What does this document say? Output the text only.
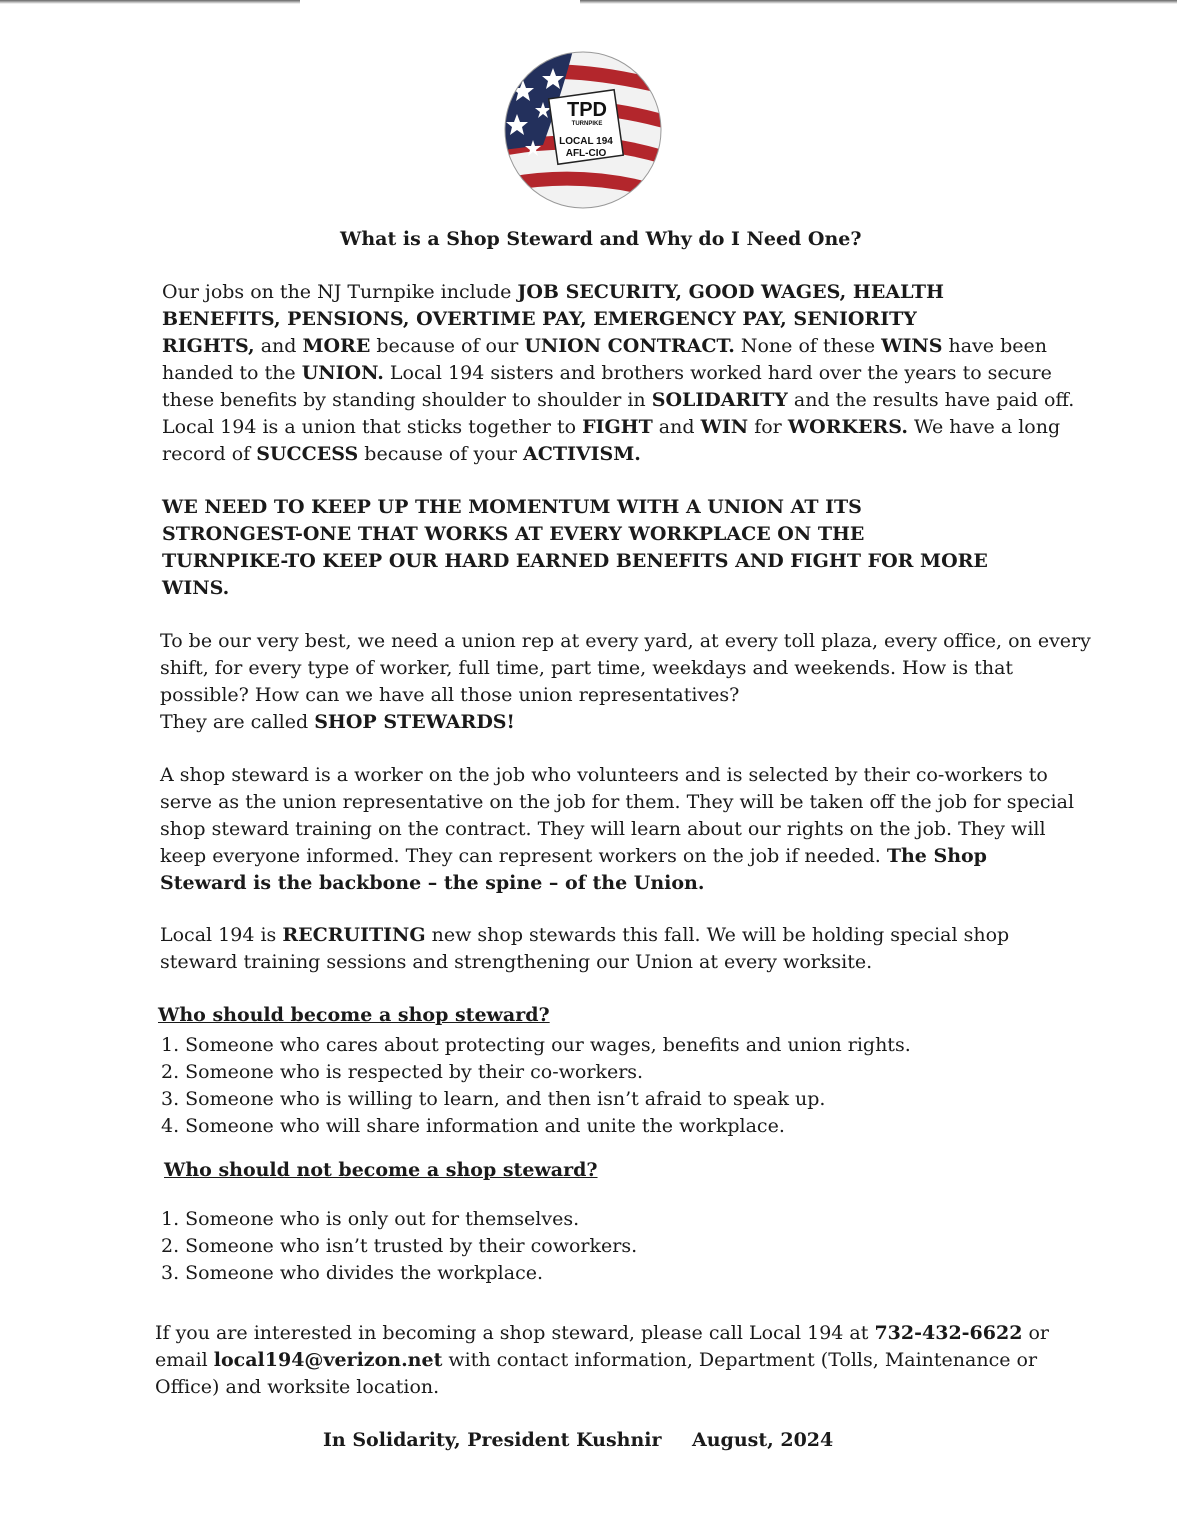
TPD
TURNPIKE
LOCAL 194
AFL-CIO
What is a Shop Steward and Why do I Need One?
Our jobs on the NJ Turnpike include JOB SECURITY, GOOD WAGES, HEALTH
BENEFITS, PENSIONS, OVERTIME PAY, EMERGENCY PAY, SENIORITY
RIGHTS, and MORE because of our UNION CONTRACT. None of these WINS have been
handed to the UNION. Local 194 sisters and brothers worked hard over the years to secure
these benefits by standing shoulder to shoulder in SOLIDARITY and the results have paid off.
Local 194 is a union that sticks together to FIGHT and WIN for WORKERS. We have a long
record of SUCCESS because of your ACTIVISM.
WE NEED TO KEEP UP THE MOMENTUM WITH A UNION AT ITS
STRONGEST-ONE THAT WORKS AT EVERY WORKPLACE ON THE
TURNPIKE-TO KEEP OUR HARD EARNED BENEFITS AND FIGHT FOR MORE
WINS.
To be our very best, we need a union rep at every yard, at every toll plaza, every office, on every
shift, for every type of worker, full time, part time, weekdays and weekends. How is that
possible? How can we have all those union representatives?
They are called SHOP STEWARDS!
A shop steward is a worker on the job who volunteers and is selected by their co-workers to
serve as the union representative on the job for them. They will be taken off the job for special
shop steward training on the contract. They will learn about our rights on the job. They will
keep everyone informed. They can represent workers on the job if needed. The Shop
Steward is the backbone – the spine – of the Union.
Local 194 is RECRUITING new shop stewards this fall. We will be holding special shop
steward training sessions and strengthening our Union at every worksite.
Who should become a shop steward?
1. Someone who cares about protecting our wages, benefits and union rights.
2. Someone who is respected by their co-workers.
3. Someone who is willing to learn, and then isn’t afraid to speak up.
4. Someone who will share information and unite the workplace.
Who should not become a shop steward?
1. Someone who is only out for themselves.
2. Someone who isn’t trusted by their coworkers.
3. Someone who divides the workplace.
If you are interested in becoming a shop steward, please call Local 194 at 732-432-6622 or
email local194@verizon.net with contact information, Department (Tolls, Maintenance or
Office) and worksite location.
In Solidarity, President Kushnir August, 2024
